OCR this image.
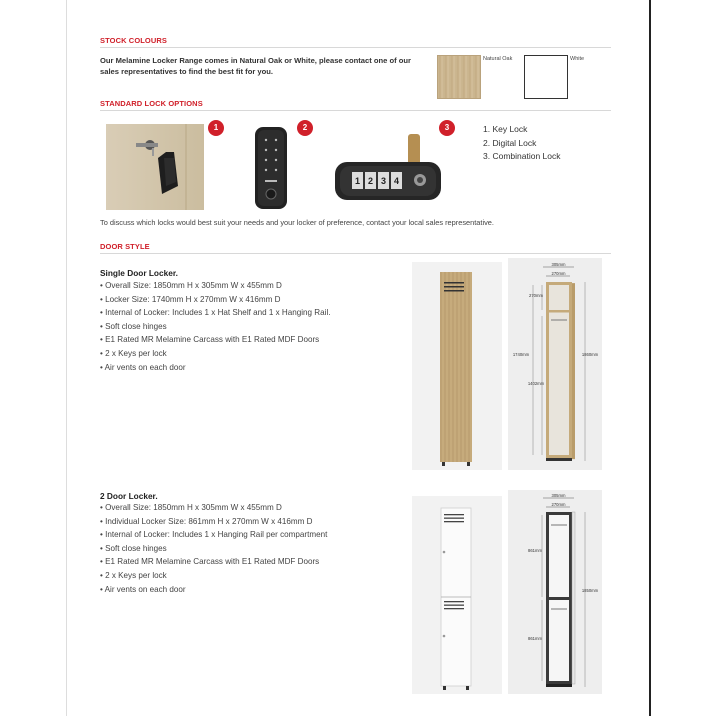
STOCK COLOURS
Our Melamine Locker Range comes in Natural Oak or White, please contact one of our sales representatives to find the best fit for you.
Natural Oak	White
STANDARD LOCK OPTIONS
1	2
1 2 3 4
3	1. Key Lock
2. Digital Lock
3. Combination Lock
To discuss which locks would best suit your needs and your locker of preference, contact your local sales representative.
DOOR STYLE
Single Door Locker.
• Overall Size: 1850mm H x 305mm W x 455mm D
• Locker Size: 1740mm H x 270mm W x 416mm D
• Internal of Locker: Includes 1 x Hat Shelf and 1 x Hanging Rail.
• Soft close hinges
• E1 Rated MR Melamine Carcass with E1 Rated MDF Doors
• 2 x Keys per lock
• Air vents on each door
305mm
270mm
270mm
1740mm
1402mm
1860mm
2 Door Locker.
• Overall Size: 1850mm H x 305mm W x 455mm D
• Individual Locker Size: 861mm H x 270mm W x 416mm D
• Internal of Locker: Includes 1 x Hanging Rail per compartment
• Soft close hinges
• E1 Rated MR Melamine Carcass with E1 Rated MDF Doors
• 2 x Keys per lock
• Air vents on each door
305mm
270mm
861mm
1850mm
861mm
